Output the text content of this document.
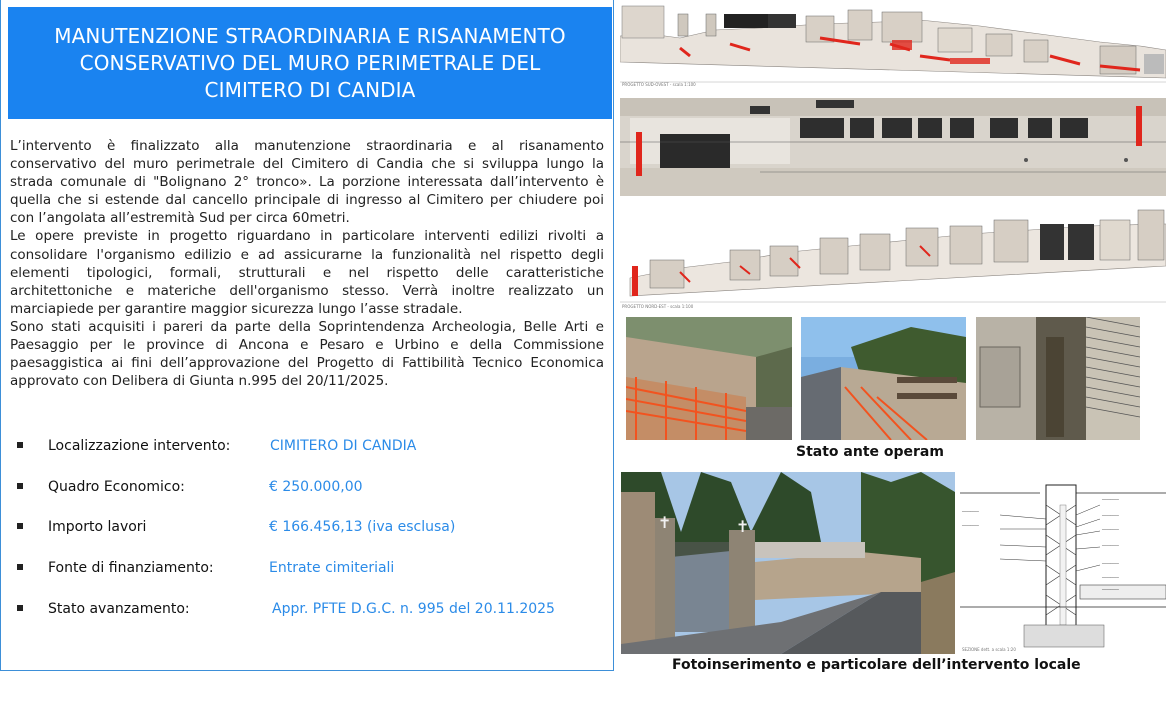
MANUTENZIONE STRAORDINARIA E RISANAMENTO
CONSERVATIVO DEL MURO PERIMETRALE DEL
CIMITERO DI CANDIA

L’intervento è finalizzato alla manutenzione straordinaria e al risanamento conservativo del muro perimetrale del Cimitero di Candia che si sviluppa lungo la strada comunale di "Bolignano 2° tronco». La porzione interessata dall’intervento è quella che si estende dal cancello principale di ingresso al Cimitero per chiudere poi con l’angolata all’estremità Sud per circa 60metri.

Le opere previste in progetto riguardano in particolare interventi edilizi rivolti a consolidare l'organismo edilizio e ad assicurarne la funzionalità nel rispetto degli elementi tipologici, formali, strutturali e nel rispetto delle caratteristiche architettoniche e materiche dell'organismo stesso. Verrà inoltre realizzato un marciapiede per garantire maggior sicurezza lungo l’asse stradale.

Sono stati acquisiti i pareri da parte della Soprintendenza Archeologia, Belle Arti e Paesaggio per le province di Ancona e Pesaro e Urbino e della Commissione paesaggistica ai fini dell’approvazione del Progetto di Fattibilità Tecnico Economica approvato con Delibera di Giunta n.995 del 20/11/2025.

Localizzazione intervento:	CIMITERO DI CANDIA
Quadro Economico:	€ 250.000,00
Importo lavori	€ 166.456,13 (iva esclusa)
Fonte di finanziamento:	Entrate cimiteriali
Stato avanzamento:	Appr. PFTE D.G.C. n. 995 del 20.11.2025
PROGETTO SUD-OVEST - scala 1:100
PROGETTO NORD-EST - scala 1:100
Stato ante operam
✝	✝
────────
────────
────────
────────
────────
────────
────────
────────
────────
SEZIONE dett. a scala 1:20
Fotoinserimento e particolare dell’intervento locale
